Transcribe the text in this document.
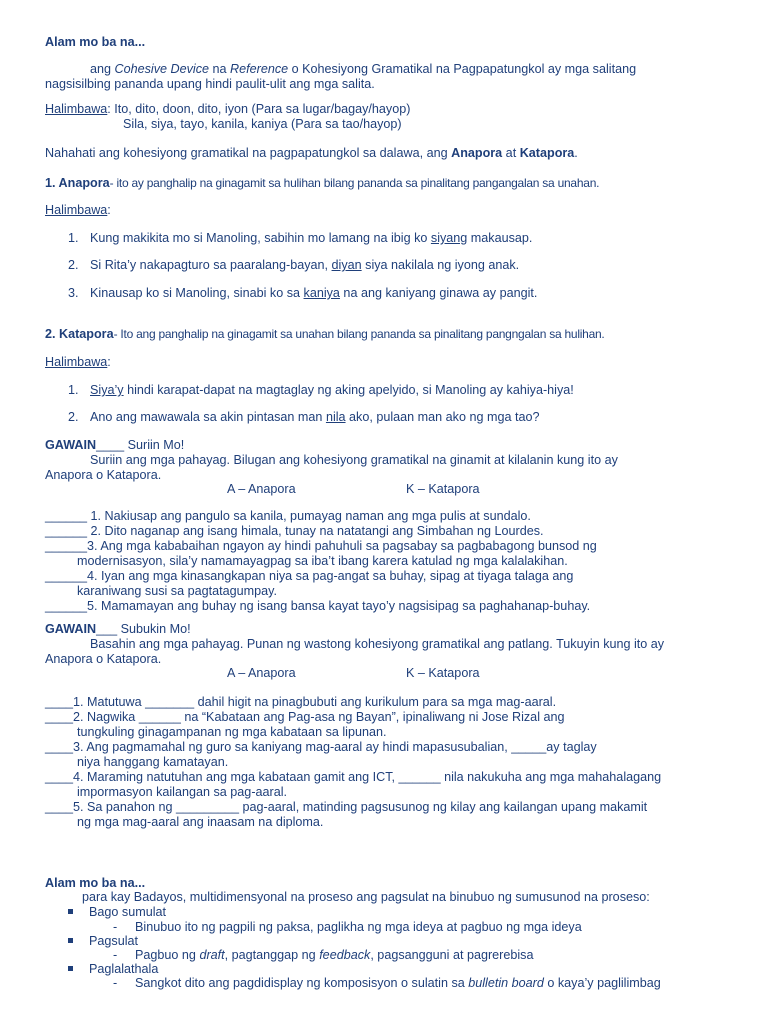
Alam mo ba na...
ang Cohesive Device na Reference o Kohesiyong Gramatikal na Pagpapatungkol ay mga salitang
nagsisilbing pananda upang hindi paulit-ulit ang mga salita.
Halimbawa: Ito, dito, doon, dito, iyon (Para sa lugar/bagay/hayop)
Sila, siya, tayo, kanila, kaniya (Para sa tao/hayop)
Nahahati ang kohesiyong gramatikal na pagpapatungkol sa dalawa, ang Anapora at Katapora.
1. Anapora- ito ay panghalip na ginagamit sa hulihan bilang pananda sa pinalitang pangangalan sa unahan.
Halimbawa:
1. Kung makikita mo si Manoling, sabihin mo lamang na ibig ko siyang makausap.
2. Si Rita’y nakapagturo sa paaralang-bayan, diyan siya nakilala ng iyong anak.
3. Kinausap ko si Manoling, sinabi ko sa kaniya na ang kaniyang ginawa ay pangit.
2. Katapora- Ito ang panghalip na ginagamit sa unahan bilang pananda sa pinalitang pangngalan sa hulihan.
Halimbawa:
1. Siya’y hindi karapat-dapat na magtaglay ng aking apelyido, si Manoling ay kahiya-hiya!
2. Ano ang mawawala sa akin pintasan man nila ako, pulaan man ako ng mga tao?
GAWAIN____ Suriin Mo!
Suriin ang mga pahayag. Bilugan ang kohesiyong gramatikal na ginamit at kilalanin kung ito ay
Anapora o Katapora.
A – Anapora	K – Katapora
______ 1. Nakiusap ang pangulo sa kanila, pumayag naman ang mga pulis at sundalo.
______ 2. Dito naganap ang isang himala, tunay na natatangi ang Simbahan ng Lourdes.
______3. Ang mga kababaihan ngayon ay hindi pahuhuli sa pagsabay sa pagbabagong bunsod ng
modernisasyon, sila’y namamayagpag sa iba’t ibang karera katulad ng mga kalalakihan.
______4. Iyan ang mga kinasangkapan niya sa pag-angat sa buhay, sipag at tiyaga talaga ang
karaniwang susi sa pagtatagumpay.
______5. Mamamayan ang buhay ng isang bansa kayat tayo’y nagsisipag sa paghahanap-buhay.
GAWAIN___ Subukin Mo!
Basahin ang mga pahayag. Punan ng wastong kohesiyong gramatikal ang patlang. Tukuyin kung ito ay
Anapora o Katapora.
A – Anapora	K – Katapora
____1. Matutuwa _______ dahil higit na pinagbubuti ang kurikulum para sa mga mag-aaral.
____2. Nagwika ______ na “Kabataan ang Pag-asa ng Bayan”, ipinaliwang ni Jose Rizal ang
tungkuling ginagampanan ng mga kabataan sa lipunan.
____3. Ang pagmamahal ng guro sa kaniyang mag-aaral ay hindi mapasusubalian, _____ay taglay
niya hanggang kamatayan.
____4. Maraming natutuhan ang mga kabataan gamit ang ICT, ______ nila nakukuha ang mga mahahalagang
impormasyon kailangan sa pag-aaral.
____5. Sa panahon ng _________ pag-aaral, matinding pagsusunog ng kilay ang kailangan upang makamit
ng mga mag-aaral ang inaasam na diploma.
Alam mo ba na...
para kay Badayos, multidimensyonal na proseso ang pagsulat na binubuo ng sumusunod na proseso:
Bago sumulat
- Binubuo ito ng pagpili ng paksa, paglikha ng mga ideya at pagbuo ng mga ideya
Pagsulat
- Pagbuo ng draft, pagtanggap ng feedback, pagsangguni at pagrerebisa
Paglalathala
- Sangkot dito ang pagdidisplay ng komposisyon o sulatin sa bulletin board o kaya’y paglilimbag
